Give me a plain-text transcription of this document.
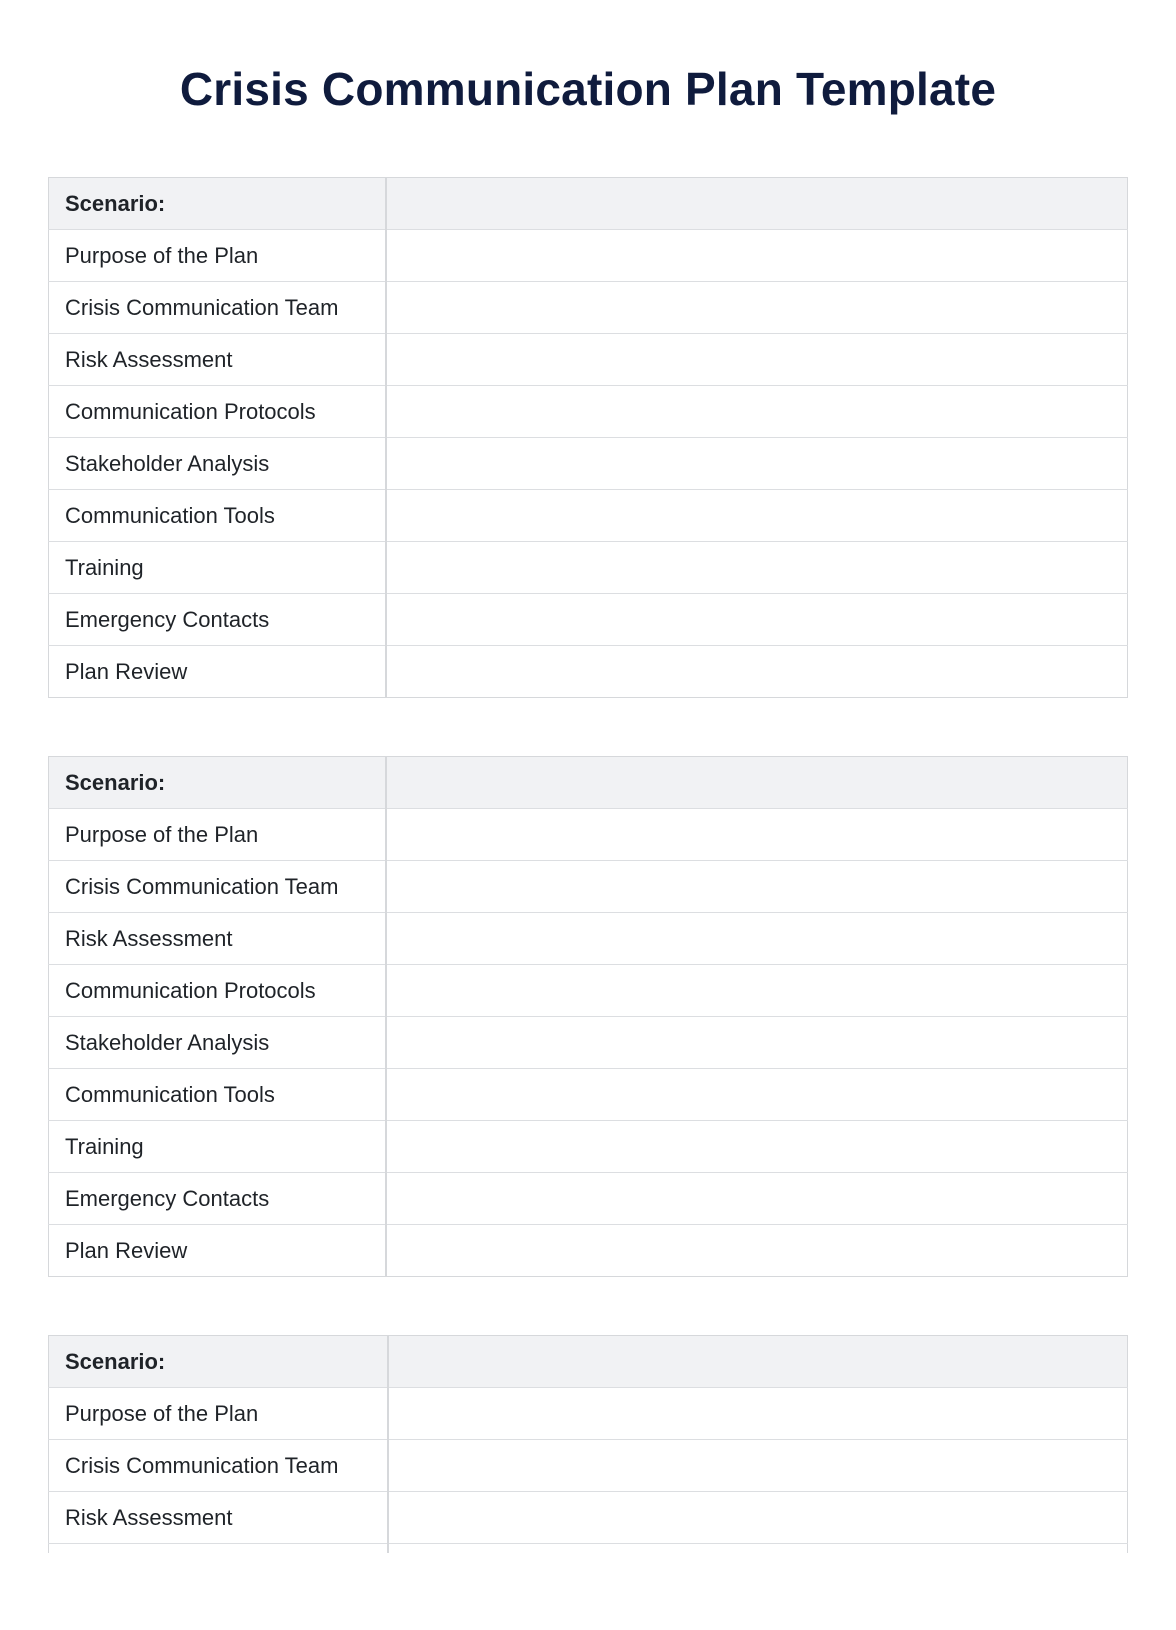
Crisis Communication Plan Template
Scenario:	
Purpose of the Plan	
Crisis Communication Team	
Risk Assessment	
Communication Protocols	
Stakeholder Analysis	
Communication Tools	
Training	
Emergency Contacts	
Plan Review	
Scenario:	
Purpose of the Plan	
Crisis Communication Team	
Risk Assessment	
Communication Protocols	
Stakeholder Analysis	
Communication Tools	
Training	
Emergency Contacts	
Plan Review	
Scenario:	
Purpose of the Plan	
Crisis Communication Team	
Risk Assessment	
